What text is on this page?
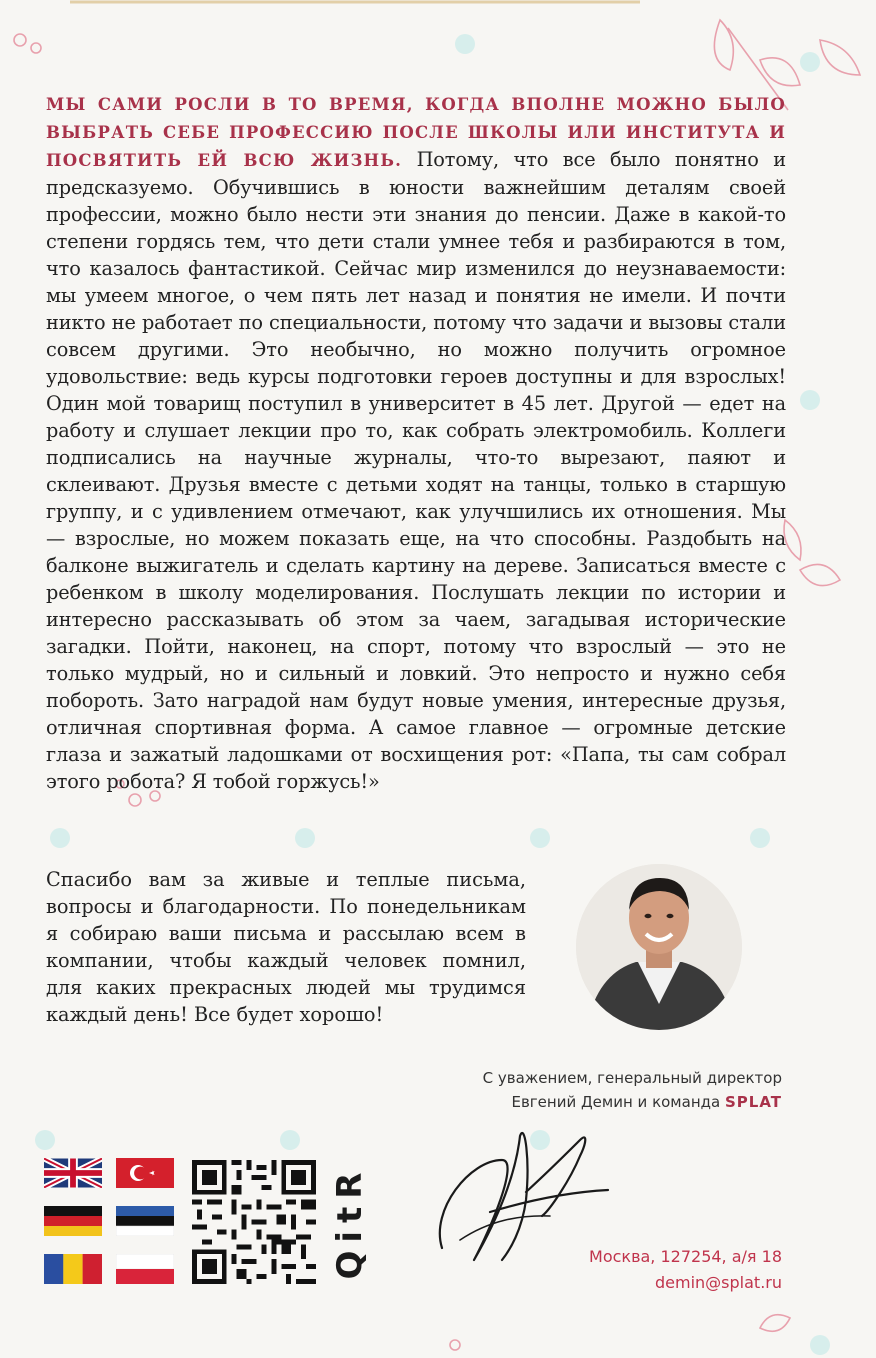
МЫ САМИ РОСЛИ В ТО ВРЕМЯ, КОГДА ВПОЛНЕ МОЖНО БЫЛО ВЫБРАТЬ СЕБЕ ПРОФЕССИЮ ПОСЛЕ ШКОЛЫ ИЛИ ИНСТИТУТА И ПОСВЯТИТЬ ЕЙ ВСЮ ЖИЗНЬ. Потому, что все было понятно и предсказуемо. Обучившись в юности важнейшим деталям своей профессии, можно было нести эти знания до пенсии. Даже в какой-то степени гордясь тем, что дети стали умнее тебя и разбираются в том, что казалось фантастикой. Сейчас мир изменился до неузнаваемости: мы умеем многое, о чем пять лет назад и понятия не имели. И почти никто не работает по специальности, потому что задачи и вызовы стали совсем другими. Это необычно, но можно получить огромное удовольствие: ведь курсы подготовки героев доступны и для взрослых! Один мой товарищ поступил в университет в 45 лет. Другой — едет на работу и слушает лекции про то, как собрать электромобиль. Коллеги подписались на научные журналы, что-то вырезают, паяют и склеивают. Друзья вместе с детьми ходят на танцы, только в старшую группу, и с удивлением отмечают, как улучшились их отношения. Мы — взрослые, но можем показать еще, на что способны. Раздобыть на балконе выжигатель и сделать картину на дереве. Записаться вместе с ребенком в школу моделирования. Послушать лекции по истории и интересно рассказывать об этом за чаем, загадывая исторические загадки. Пойти, наконец, на спорт, потому что взрослый — это не только мудрый, но и сильный и ловкий. Это непросто и нужно себя побороть. Зато наградой нам будут новые умения, интересные друзья, отличная спортивная форма. А самое главное — огромные детские глаза и зажатый ладошками от восхищения рот: «Папа, ты сам собрал этого робота? Я тобой горжусь!»
Спасибо вам за живые и теплые письма, вопросы и благодарности. По понедельникам я собираю ваши письма и рассылаю всем в компании, чтобы каждый человек помнил, для каких прекрасных людей мы трудимся каждый день! Все будет хорошо!
С уважением, генеральный директор
Евгений Демин и команда SPLAT
QitR	Москва, 127254, а/я 18
demin@splat.ru
